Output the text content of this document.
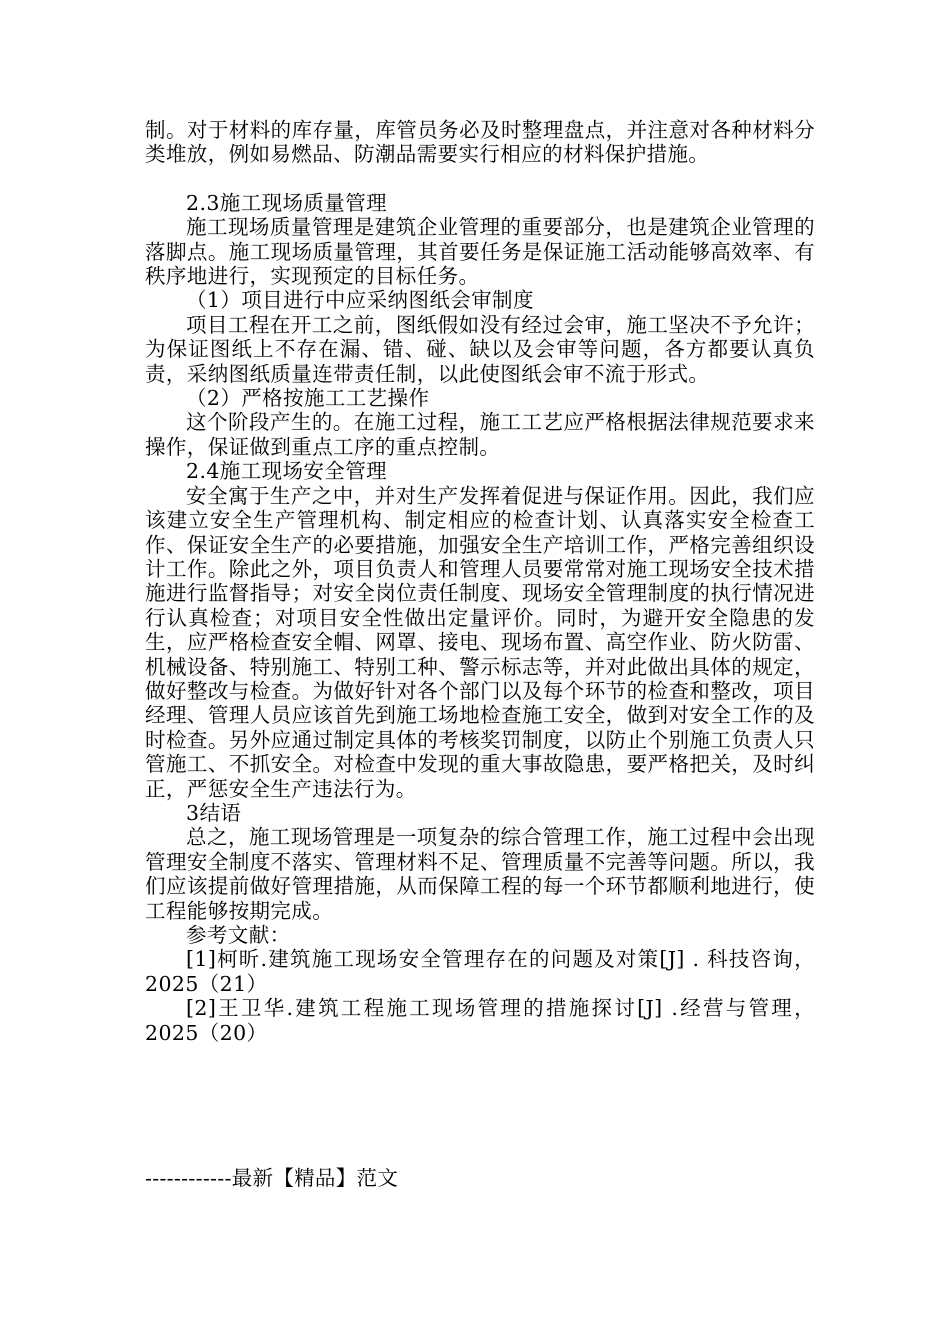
制。对于材料的库存量，库管员务必及时整理盘点，并注意对各种材料分类堆放，例如易燃品、防潮品需要实行相应的材料保护措施。

2.3施工现场质量管理

施工现场质量管理是建筑企业管理的重要部分，也是建筑企业管理的落脚点。施工现场质量管理，其首要任务是保证施工活动能够高效率、有秩序地进行，实现预定的目标任务。

（1）项目进行中应采纳图纸会审制度

项目工程在开工之前，图纸假如没有经过会审，施工坚决不予允许；为保证图纸上不存在漏、错、碰、缺以及会审等问题，各方都要认真负责，采纳图纸质量连带责任制，以此使图纸会审不流于形式。

（2）严格按施工工艺操作

这个阶段产生的。在施工过程，施工工艺应严格根据法律规范要求来操作，保证做到重点工序的重点控制。

2.4施工现场安全管理

安全寓于生产之中，并对生产发挥着促进与保证作用。因此，我们应该建立安全生产管理机构、制定相应的检查计划、认真落实安全检查工作、保证安全生产的必要措施，加强安全生产培训工作，严格完善组织设计工作。除此之外，项目负责人和管理人员要常常对施工现场安全技术措施进行监督指导；对安全岗位责任制度、现场安全管理制度的执行情况进行认真检查；对项目安全性做出定量评价。同时，为避开安全隐患的发生，应严格检查安全帽、网罩、接电、现场布置、高空作业、防火防雷、机械设备、特别施工、特别工种、警示标志等，并对此做出具体的规定，做好整改与检查。为做好针对各个部门以及每个环节的检查和整改，项目经理、管理人员应该首先到施工场地检查施工安全，做到对安全工作的及时检查。另外应通过制定具体的考核奖罚制度，以防止个别施工负责人只管施工、不抓安全。对检查中发现的重大事故隐患，要严格把关，及时纠正，严惩安全生产违法行为。

3结语

总之，施工现场管理是一项复杂的综合管理工作，施工过程中会出现管理安全制度不落实、管理材料不足、管理质量不完善等问题。所以，我们应该提前做好管理措施，从而保障工程的每一个环节都顺利地进行，使工程能够按期完成。

参考文献：

[1]柯昕.建筑施工现场安全管理存在的问题及对策[J] . 科技咨询，2025（21）

[2]王卫华.建筑工程施工现场管理的措施探讨[J] .经营与管理，2025（20）

------------最新【精品】范文
